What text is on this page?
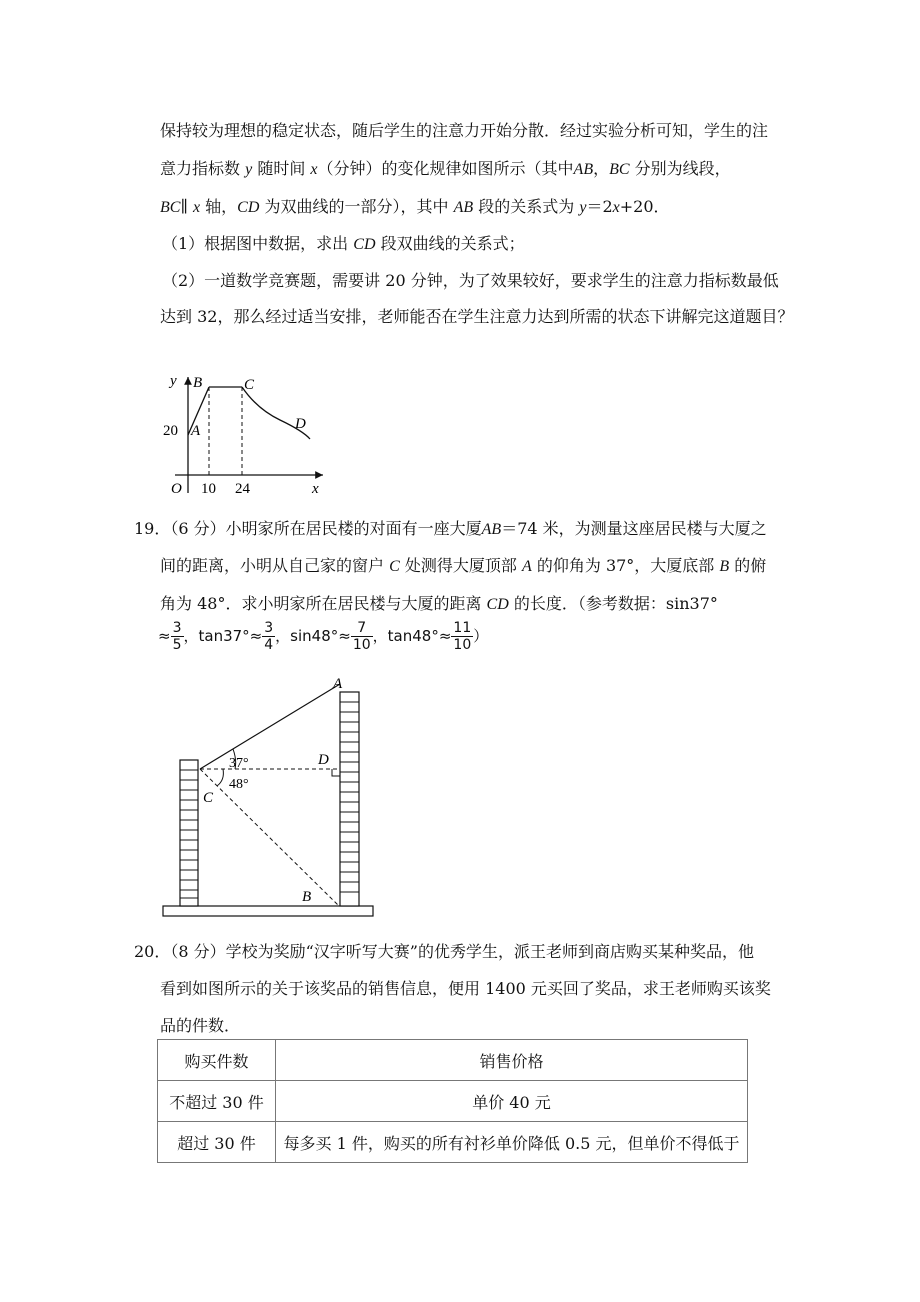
保持较为理想的稳定状态，随后学生的注意力开始分散．经过实验分析可知，学生的注
意力指标数 y 随时间 x（分钟）的变化规律如图所示（其中AB，BC 分别为线段，
BC∥ x 轴，CD 为双曲线的一部分），其中 AB 段的关系式为 y＝2x+20．
（1）根据图中数据，求出 CD 段双曲线的关系式；
（2）一道数学竞赛题，需要讲 20 分钟，为了效果较好，要求学生的注意力指标数最低
达到 32，那么经过适当安排，老师能否在学生注意力达到所需的状态下讲解完这道题目？
y
x
O
20
10 24
A
B	C
D
19．（6 分）小明家所在居民楼的对面有一座大厦AB＝74 米，为测量这座居民楼与大厦之
间的距离，小明从自己家的窗户 C 处测得大厦顶部 A 的仰角为 37°，大厦底部 B 的俯
角为 48°．求小明家所在居民楼与大厦的距离 CD 的长度．（参考数据：sin37°
≈ $\frac{3}{5}$ ，$\tan 37^\circ\approx \frac{3}{4}$ ，$\sin 48^\circ\approx \frac{7}{10}$ ，$\tan 48^\circ\approx \frac{11}{10}$ ）
A
B
C
D
37°
48°
20．（8 分）学校为奖励“汉字听写大赛”的优秀学生，派王老师到商店购买某种奖品，他
看到如图所示的关于该奖品的销售信息，便用 1400 元买回了奖品，求王老师购买该奖
品的件数．
购买件数	销售价格
不超过 30 件	单价 40 元
超过 30 件	每多买 1 件，购买的所有衬衫单价降低 0.5 元，但单价不得低于
